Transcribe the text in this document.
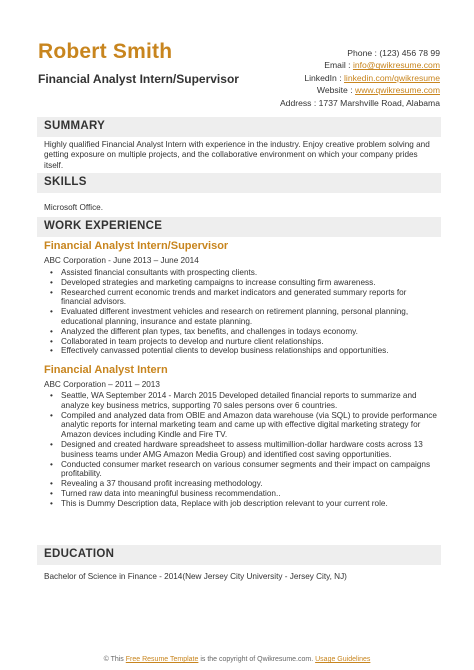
Robert Smith
Financial Analyst Intern/Supervisor
Phone : (123) 456 78 99
Email : info@qwikresume.com
LinkedIn : linkedin.com/qwikresume
Website : www.qwikresume.com
Address : 1737 Marshville Road, Alabama
SUMMARY
Highly qualified Financial Analyst Intern with experience in the industry. Enjoy creative problem solving and getting exposure on multiple projects, and the collaborative environment on which your company prides itself.
SKILLS
Microsoft Office.
WORK EXPERIENCE
Financial Analyst Intern/Supervisor
ABC Corporation - June 2013 – June 2014
• Assisted financial consultants with prospecting clients.
• Developed strategies and marketing campaigns to increase consulting firm awareness.
• Researched current economic trends and market indicators and generated summary reports for financial advisors.
• Evaluated different investment vehicles and research on retirement planning, personal planning, educational planning, insurance and estate planning.
• Analyzed the different plan types, tax benefits, and challenges in todays economy.
• Collaborated in team projects to develop and nurture client relationships.
• Effectively canvassed potential clients to develop business relationships and opportunities.
Financial Analyst Intern
ABC Corporation – 2011 – 2013
• Seattle, WA September 2014 - March 2015 Developed detailed financial reports to summarize and analyze key business metrics, supporting 70 sales persons over 6 countries.
• Compiled and analyzed data from OBIE and Amazon data warehouse (via SQL) to provide performance analytic reports for internal marketing team and came up with effective digital marketing strategy for Amazon devices including Kindle and Fire TV.
• Designed and created hardware spreadsheet to assess multimillion-dollar hardware costs across 13 business teams under AMG Amazon Media Group) and identified cost saving opportunities.
• Conducted consumer market research on various consumer segments and their impact on campaigns profitability.
• Revealing a 37 thousand profit increasing methodology.
• Turned raw data into meaningful business recommendation..
• This is Dummy Description data, Replace with job description relevant to your current role.
EDUCATION
Bachelor of Science in Finance - 2014(New Jersey City University - Jersey City, NJ)
© This Free Resume Template is the copyright of Qwikresume.com. Usage Guidelines
